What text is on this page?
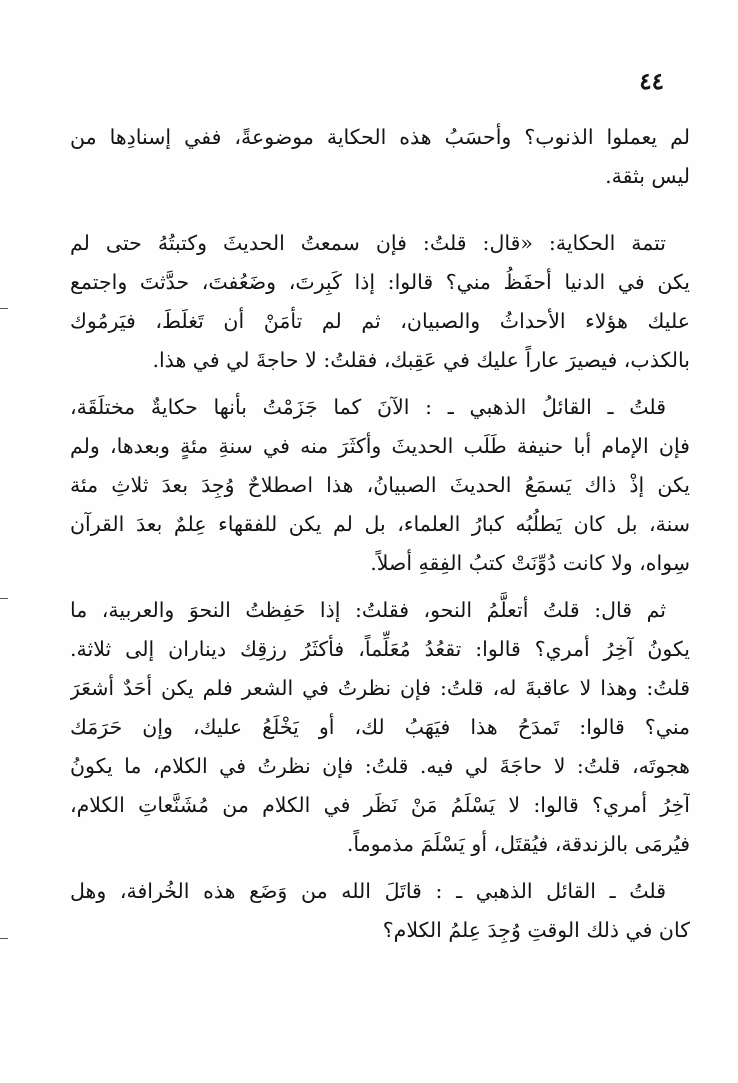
٤٤

لم يعملوا الذنوب؟ وأحسَبُ هذه الحكاية موضوعةً، ففي إسنادِها من
ليس بثقة.

تتمة الحكاية: «قال: قلتُ: فإن سمعتُ الحديثَ وكتبتُهُ حتى لم
يكن في الدنيا أحفَظُ مني؟ قالوا: إذا كَبِرتَ، وضَعُفتَ، حدَّثتَ واجتمع
عليك هؤلاء الأحداثُ والصبيان، ثم لم تأمَنْ أن تَغلَطَ، فيَرمُوك
بالكذب، فيصيرَ عاراً عليك في عَقِبك، فقلتُ: لا حاجةَ لي في هذا.

قلتُ ـ القائلُ الذهبي ـ : الآنَ كما جَزَمْتُ بأنها حكايةٌ مختلَقَة،
فإن الإمام أبا حنيفة طَلَب الحديثَ وأكثَرَ منه في سنةِ مئةٍ وبعدها، ولم
يكن إذْ ذاك يَسمَعُ الحديثَ الصبيانُ، هذا اصطلاحٌ وُجِدَ بعدَ ثلاثِ مئة
سنة، بل كان يَطلُبُه كبارُ العلماء، بل لم يكن للفقهاء عِلمٌ بعدَ القرآن
سِواه، ولا كانت دُوِّنَتْ كتبُ الفِقهِ أصلاً.

ثم قال: قلتُ أتعلَّمُ النحو، فقلتُ: إذا حَفِظتُ النحوَ والعربية، ما
يكونُ آخِرُ أمري؟ قالوا: تقعُدُ مُعَلِّماً، فأكثَرُ رزقِك ديناران إلى ثلاثة.
قلتُ: وهذا لا عاقبةَ له، قلتُ: فإن نظرتُ في الشعر فلم يكن أحَدٌ أشعَرَ
مني؟ قالوا: تَمدَحُ هذا فيَهَبُ لك، أو يَخْلَعُ عليك، وإن حَرَمَك
هجوتَه، قلتُ: لا حاجَةَ لي فيه. قلتُ: فإن نظرتُ في الكلام، ما يكونُ
آخِرُ أمري؟ قالوا: لا يَسْلَمُ مَنْ نَظَر في الكلام من مُشَنَّعاتِ الكلام،
فيُرمَى بالزندقة، فيُقتَل، أو يَسْلَمَ مذموماً.

قلتُ ـ القائل الذهبي ـ : قاتَلَ الله من وَضَع هذه الخُرافة، وهل
كان في ذلك الوقتِ وُجِدَ عِلمُ الكلام؟
